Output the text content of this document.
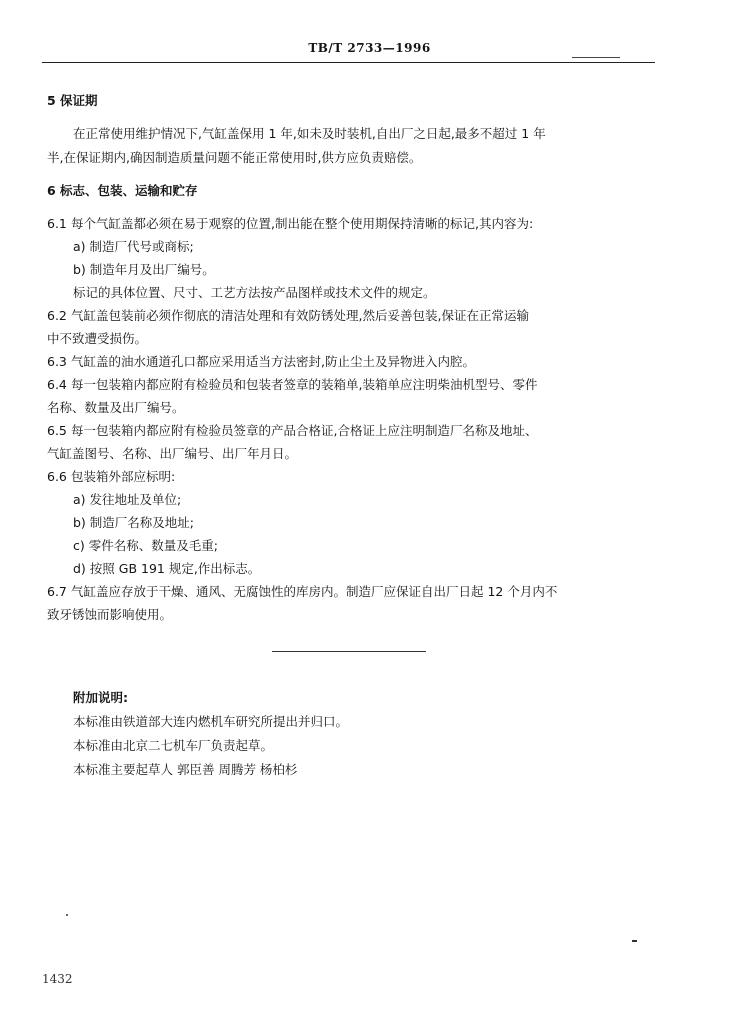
TB/T 2733—1996
5 保证期
在正常使用维护情况下,气缸盖保用 1 年,如未及时装机,自出厂之日起,最多不超过 1 年
半,在保证期内,确因制造质量问题不能正常使用时,供方应负责赔偿。
6 标志、包装、运输和贮存
6.1 每个气缸盖都必须在易于观察的位置,制出能在整个使用期保持清晰的标记,其内容为:
a) 制造厂代号或商标;
b) 制造年月及出厂编号。
标记的具体位置、尺寸、工艺方法按产品图样或技术文件的规定。
6.2 气缸盖包装前必须作彻底的清洁处理和有效防锈处理,然后妥善包装,保证在正常运输
中不致遭受损伤。
6.3 气缸盖的油水通道孔口都应采用适当方法密封,防止尘土及异物进入内腔。
6.4 每一包装箱内都应附有检验员和包装者签章的装箱单,装箱单应注明柴油机型号、零件
名称、数量及出厂编号。
6.5 每一包装箱内都应附有检验员签章的产品合格证,合格证上应注明制造厂名称及地址、
气缸盖图号、名称、出厂编号、出厂年月日。
6.6 包装箱外部应标明:
a) 发往地址及单位;
b) 制造厂名称及地址;
c) 零件名称、数量及毛重;
d) 按照 GB 191 规定,作出标志。
6.7 气缸盖应存放于干燥、通风、无腐蚀性的库房内。制造厂应保证自出厂日起 12 个月内不
致牙锈蚀而影响使用。
附加说明:
本标准由铁道部大连内燃机车研究所提出并归口。
本标准由北京二七机车厂负责起草。
本标准主要起草人 郭臣善 周腾芳 杨柏杉
1432
